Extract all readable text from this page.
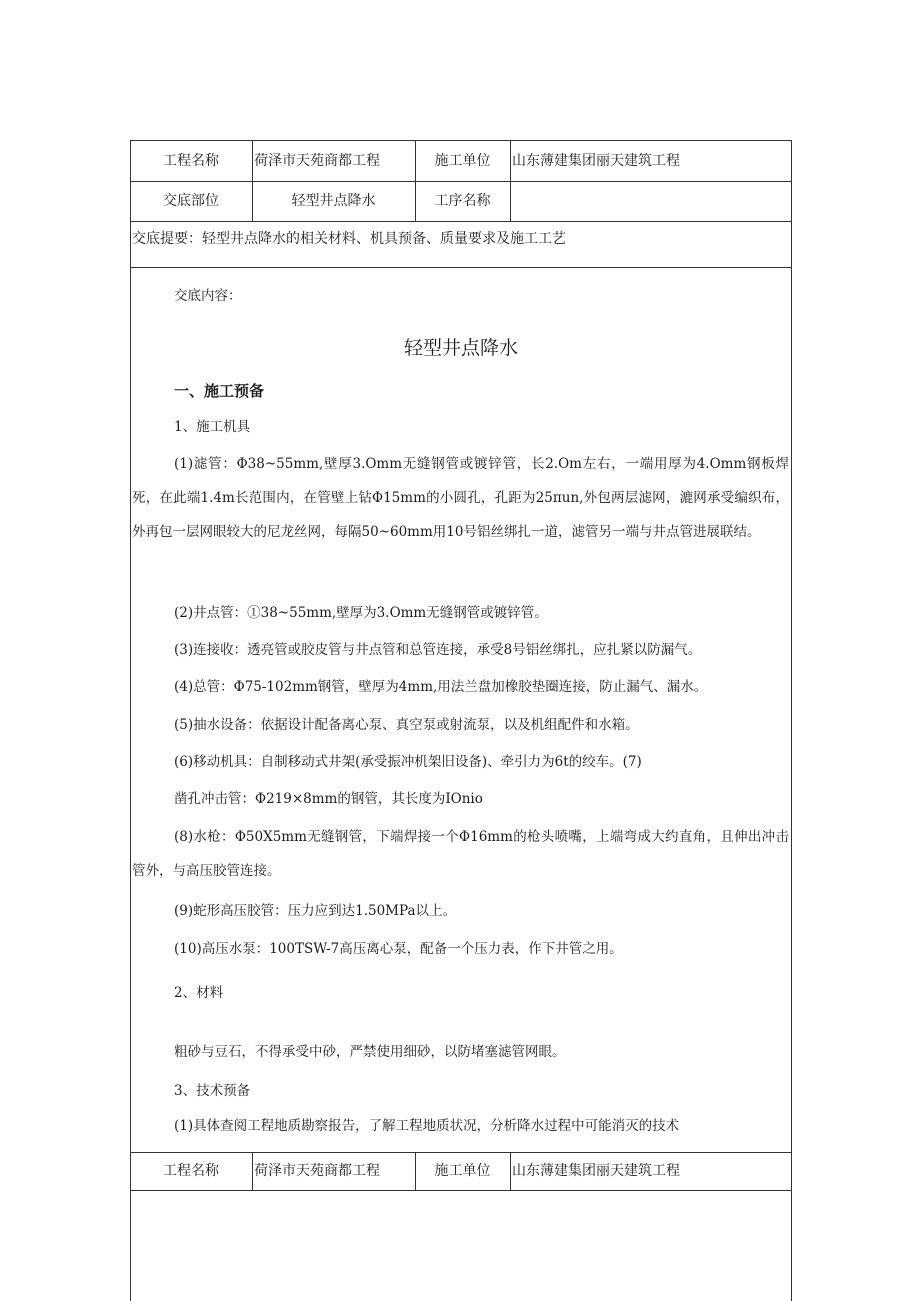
工程名称	荷泽市天苑商都工程	施工单位	山东薄建集团丽天建筑工程
交底部位	轻型井点降水	工序名称
交底提要：轻型井点降水的相关材料、机具预备、质量要求及施工工艺
交底内容：
轻型井点降水
一、施工预备
1、施工机具
(1)滤管：Φ38~55mm,壁厚3.Omm无缝钢管或镀锌管，长2.Om左右，一端用厚为4.Omm钢板焊死，在此端1.4m长范围内，在管壁上钻Φ15mm的小圆孔，孔距为25πun,外包两层滤网，漉网承受编织布，外再包一层网眼较大的尼龙丝网，每隔50~60mm用10号铝丝绑扎一道，滤管另一端与井点管进展联结。
(2)井点管：①38~55mm,壁厚为3.Omm无缝钢管或镀锌管。
(3)连接收：透亮管或胶皮管与井点管和总管连接，承受8号铝丝绑扎，应扎紧以防漏气。
(4)总管：Φ75-102mm钢管，壁厚为4mm,用法兰盘加橡胶垫圈连接，防止漏气、漏水。
(5)抽水设备：依据设计配备离心泵、真空泵或射流泵，以及机组配件和水箱。
(6)移动机具：自制移动式井架(承受振冲机架旧设备)、牵引力为6t的绞车。(7)
凿孔冲击管：Φ219×8mm的钢管，其长度为IOnio
(8)水枪：Φ50X5mm无缝钢管，下端焊接一个Φ16mm的枪头喷嘴，上端弯成大约直角，且伸出冲击管外，与高压胶管连接。
(9)蛇形高压胶管：压力应到达1.50MPa以上。
(10)高压水泵：100TSW-7高压离心泵，配备一个压力表，作下井管之用。
2、材料
粗砂与豆石，不得承受中砂，严禁使用细砂，以防堵塞滤管网眼。
3、技术预备
(1)具体查阅工程地质勘察报告，了解工程地质状况，分析降水过程中可能消灭的技术
工程名称	荷泽市天苑商都工程	施工单位	山东薄建集团丽天建筑工程
